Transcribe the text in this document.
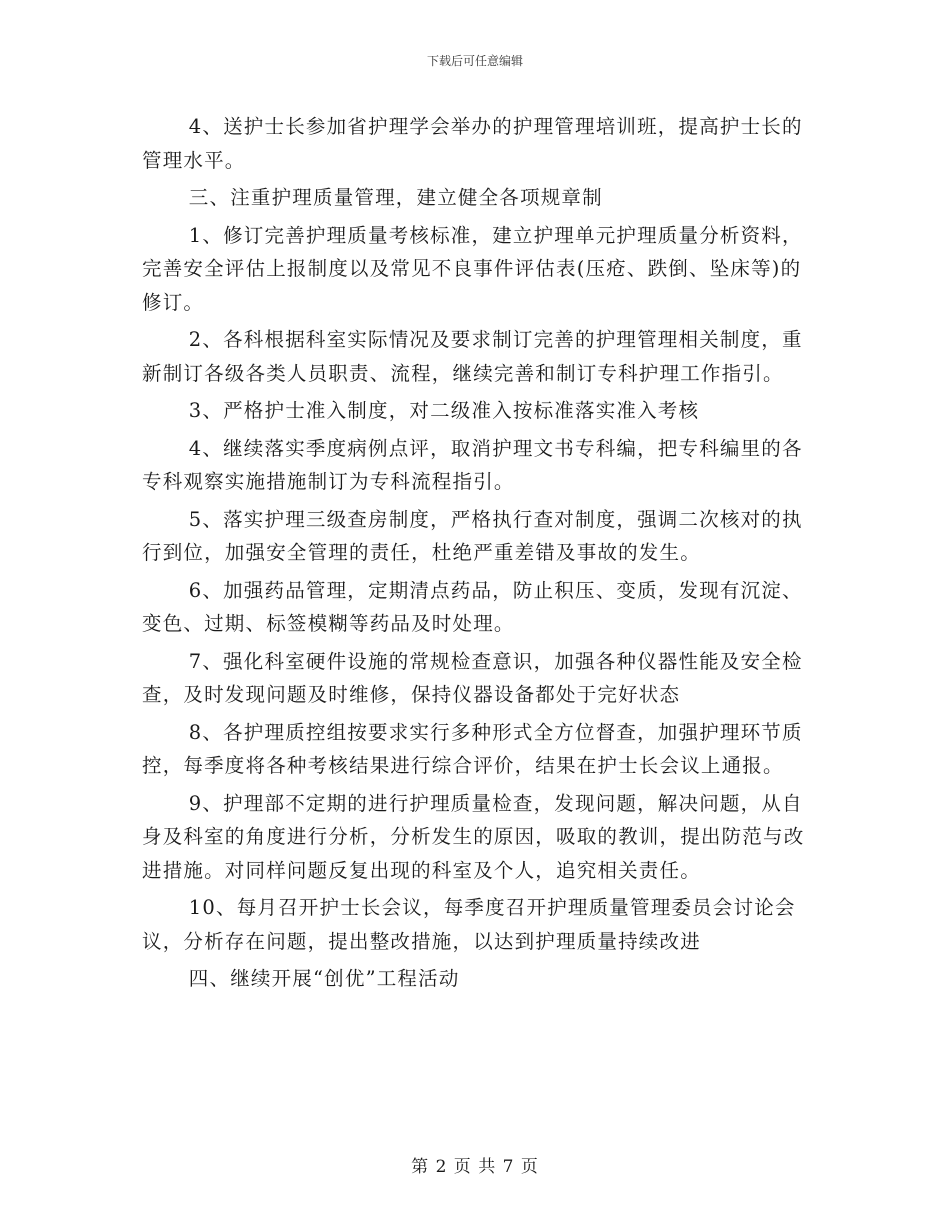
下载后可任意编辑

4、送护士长参加省护理学会举办的护理管理培训班，提高护士长的管理水平。

三、注重护理质量管理，建立健全各项规章制

1、修订完善护理质量考核标准，建立护理单元护理质量分析资料，完善安全评估上报制度以及常见不良事件评估表(压疮、跌倒、坠床等)的修订。

2、各科根据科室实际情况及要求制订完善的护理管理相关制度，重新制订各级各类人员职责、流程，继续完善和制订专科护理工作指引。

3、严格护士准入制度，对二级准入按标准落实准入考核

4、继续落实季度病例点评，取消护理文书专科编，把专科编里的各专科观察实施措施制订为专科流程指引。

5、落实护理三级查房制度，严格执行查对制度，强调二次核对的执行到位，加强安全管理的责任，杜绝严重差错及事故的发生。

6、加强药品管理，定期清点药品，防止积压、变质，发现有沉淀、变色、过期、标签模糊等药品及时处理。

7、强化科室硬件设施的常规检查意识，加强各种仪器性能及安全检查，及时发现问题及时维修，保持仪器设备都处于完好状态

8、各护理质控组按要求实行多种形式全方位督查，加强护理环节质控，每季度将各种考核结果进行综合评价，结果在护士长会议上通报。

9、护理部不定期的进行护理质量检查，发现问题，解决问题，从自身及科室的角度进行分析，分析发生的原因，吸取的教训，提出防范与改进措施。对同样问题反复出现的科室及个人，追究相关责任。

10、每月召开护士长会议，每季度召开护理质量管理委员会讨论会议，分析存在问题，提出整改措施，以达到护理质量持续改进

四、继续开展“创优”工程活动

第 2 页 共 7 页
